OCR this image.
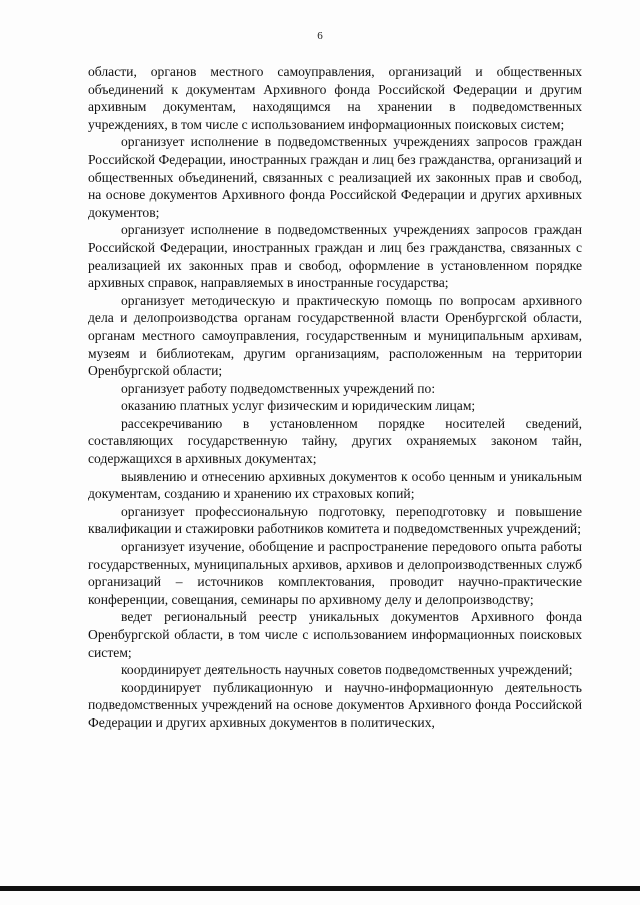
6

области, органов местного самоуправления, организаций и общественных объединений к документам Архивного фонда Российской Федерации и другим архивным документам, находящимся на хранении в подведомственных учреждениях, в том числе с использованием информационных поисковых систем;

организует исполнение в подведомственных учреждениях запросов граждан Российской Федерации, иностранных граждан и лиц без гражданства, организаций и общественных объединений, связанных с реализацией их законных прав и свобод, на основе документов Архивного фонда Российской Федерации и других архивных документов;

организует исполнение в подведомственных учреждениях запросов граждан Российской Федерации, иностранных граждан и лиц без гражданства, связанных с реализацией их законных прав и свобод, оформление в установленном порядке архивных справок, направляемых в иностранные государства;

организует методическую и практическую помощь по вопросам архивного дела и делопроизводства органам государственной власти Оренбургской области, органам местного самоуправления, государственным и муниципальным архивам, музеям и библиотекам, другим организациям, расположенным на территории Оренбургской области;

организует работу подведомственных учреждений по:

оказанию платных услуг физическим и юридическим лицам;

рассекречиванию в установленном порядке носителей сведений, составляющих государственную тайну, других охраняемых законом тайн, содержащихся в архивных документах;

выявлению и отнесению архивных документов к особо ценным и уникальным документам, созданию и хранению их страховых копий;

организует профессиональную подготовку, переподготовку и повышение квалификации и стажировки работников комитета и подведомственных учреждений;

организует изучение, обобщение и распространение передового опыта работы государственных, муниципальных архивов, архивов и делопроизводственных служб организаций – источников комплектования, проводит научно-практические конференции, совещания, семинары по архивному делу и делопроизводству;

ведет региональный реестр уникальных документов Архивного фонда Оренбургской области, в том числе с использованием информационных поисковых систем;

координирует деятельность научных советов подведомственных учреждений;

координирует публикационную и научно-информационную деятельность подведомственных учреждений на основе документов Архивного фонда Российской Федерации и других архивных документов в политических,
